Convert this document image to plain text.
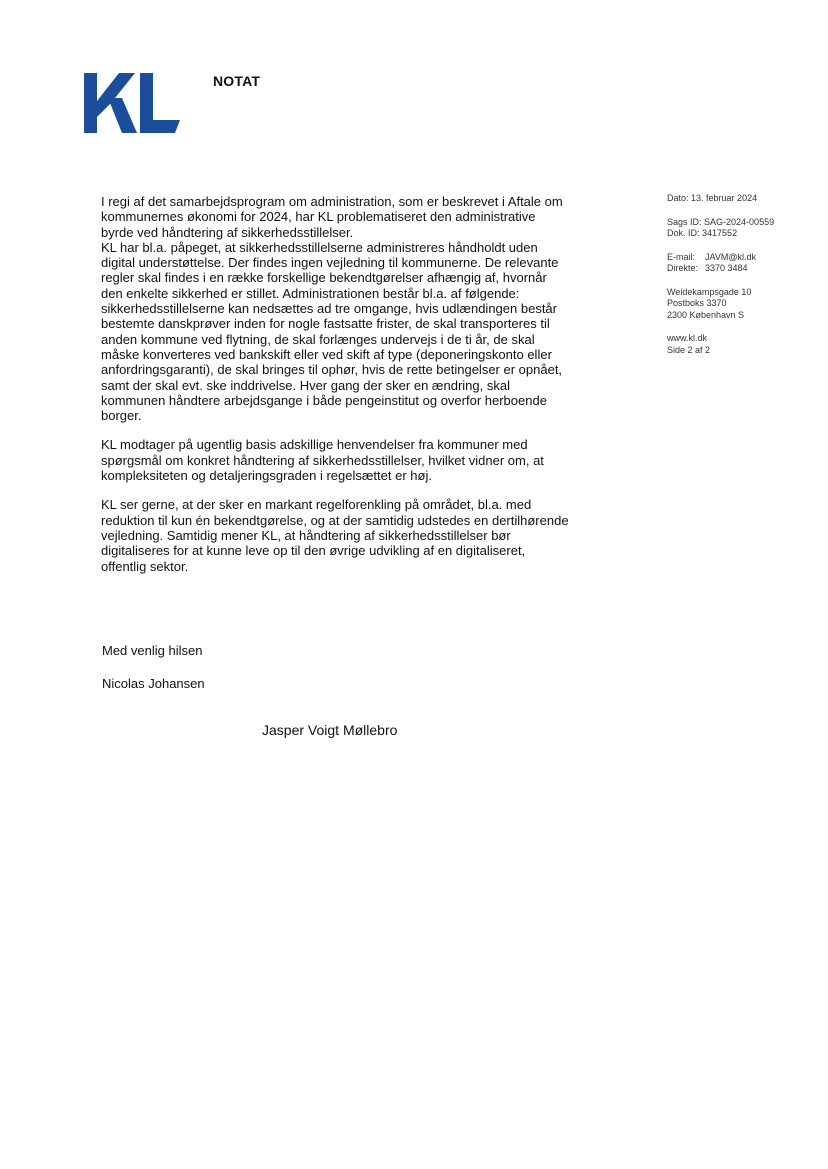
NOTAT

I regi af det samarbejdsprogram om administration, som er beskrevet i Aftale om kommunernes økonomi for 2024, har KL problematiseret den administrative byrde ved håndtering af sikkerhedsstillelser.
KL har bl.a. påpeget, at sikkerhedsstillelserne administreres håndholdt uden digital understøttelse. Der findes ingen vejledning til kommunerne. De relevante regler skal findes i en række forskellige bekendtgørelser afhængig af, hvornår den enkelte sikkerhed er stillet. Administrationen består bl.a. af følgende: sikkerhedsstillelserne kan nedsættes ad tre omgange, hvis udlændingen består bestemte danskprøver inden for nogle fastsatte frister, de skal transporteres til anden kommune ved flytning, de skal forlænges undervejs i de ti år, de skal måske konverteres ved bankskift eller ved skift af type (deponeringskonto eller anfordringsgaranti), de skal bringes til ophør, hvis de rette betingelser er opnået, samt der skal evt. ske inddrivelse. Hver gang der sker en ændring, skal kommunen håndtere arbejdsgange i både pengeinstitut og overfor herboende borger.

KL modtager på ugentlig basis adskillige henvendelser fra kommuner med spørgsmål om konkret håndtering af sikkerhedsstillelser, hvilket vidner om, at kompleksiteten og detaljeringsgraden i regelsættet er høj.

KL ser gerne, at der sker en markant regelforenkling på området, bl.a. med reduktion til kun én bekendtgørelse, og at der samtidig udstedes en dertilhørende vejledning. Samtidig mener KL, at håndtering af sikkerhedsstillelser bør digitaliseres for at kunne leve op til den øvrige udvikling af en digitaliseret, offentlig sektor.

Dato: 13. februar 2024
Sags ID: SAG-2024-00559
Dok. ID: 3417552
E-mail: JAVM@kl.dk
Direkte: 3370 3484
Weidekampsgade 10
Postboks 3370
2300 København S
www.kl.dk
Side 2 af 2
Med venlig hilsen
Nicolas Johansen
Jasper Voigt Møllebro
